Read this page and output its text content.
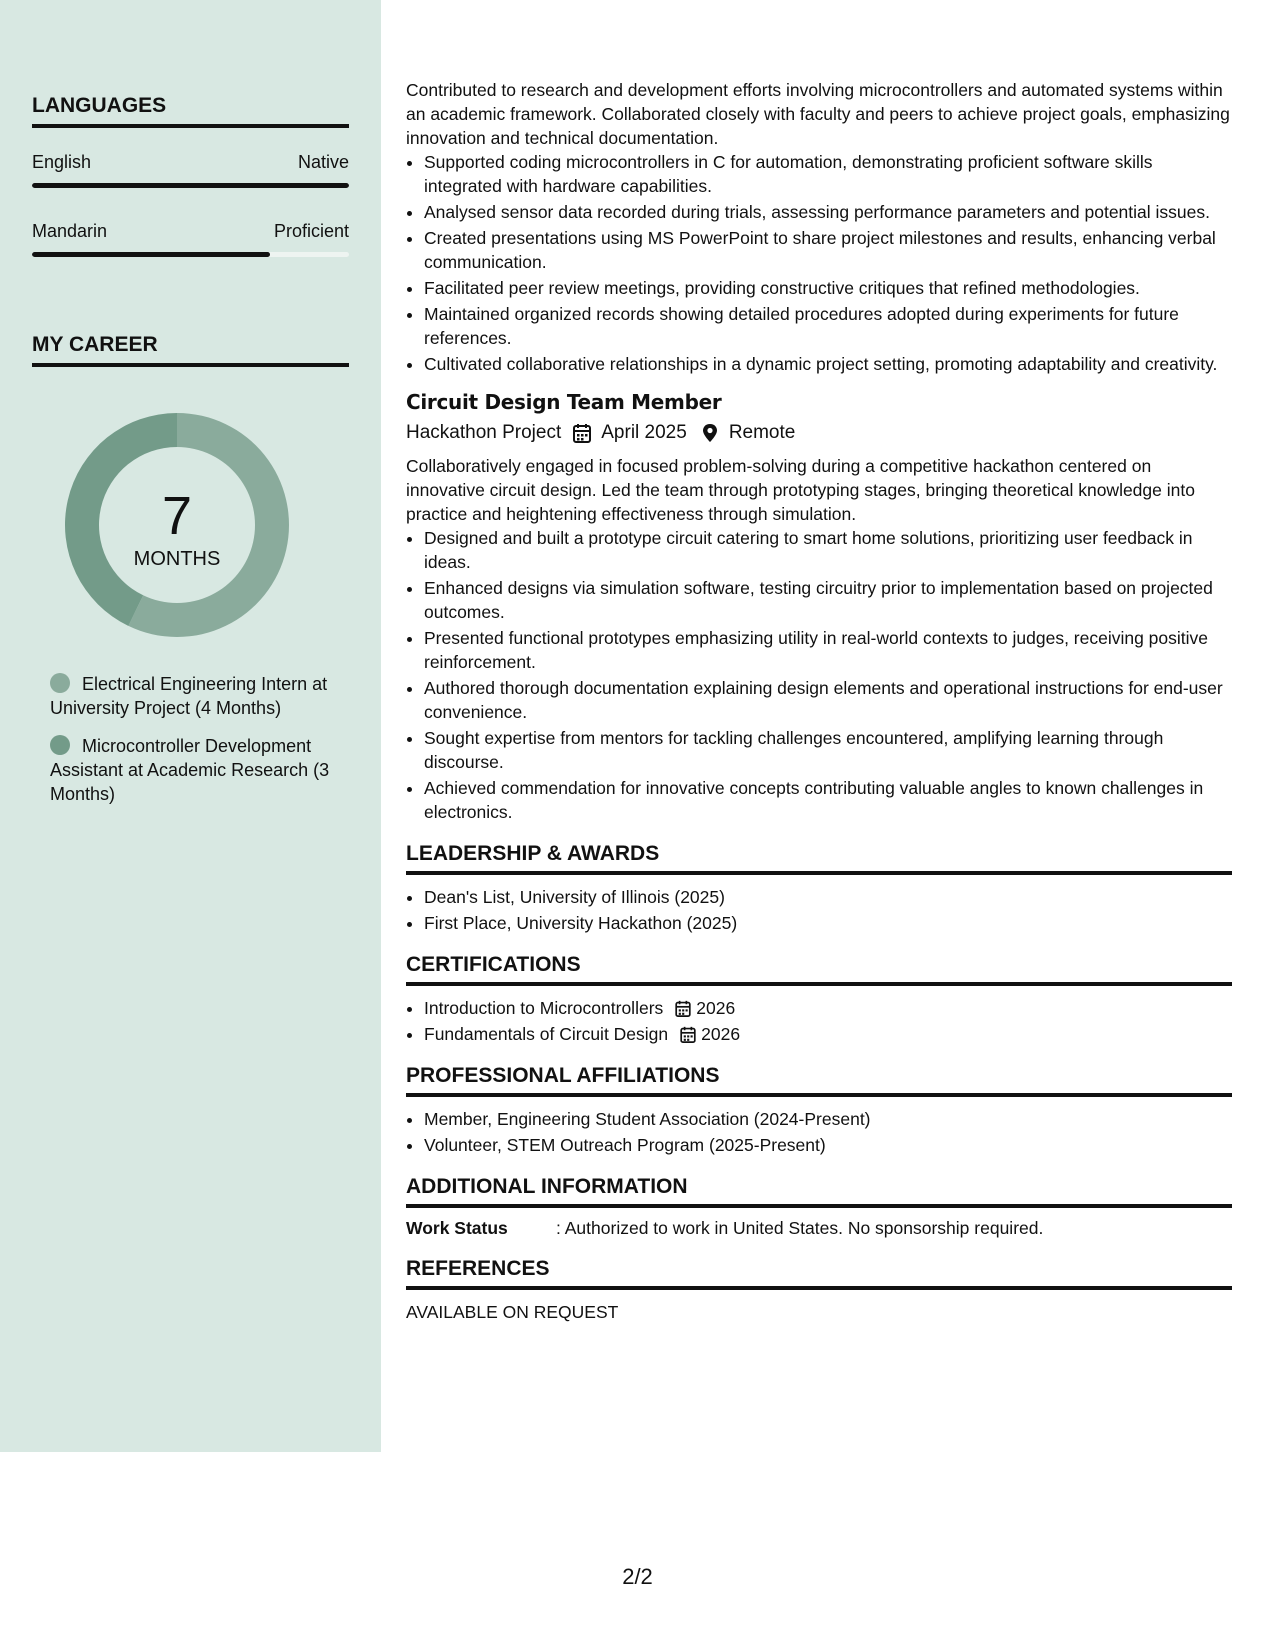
LANGUAGES
English	Native
Mandarin	Proficient
MY CAREER
7
MONTHS
Electrical Engineering Intern at University Project (4 Months)
Microcontroller Development Assistant at Academic Research (3 Months)

Contributed to research and development efforts involving microcontrollers and automated systems within an academic framework. Collaborated closely with faculty and peers to achieve project goals, emphasizing innovation and technical documentation.

• Supported coding microcontrollers in C for automation, demonstrating proficient software skills integrated with hardware capabilities.
• Analysed sensor data recorded during trials, assessing performance parameters and potential issues.
• Created presentations using MS PowerPoint to share project milestones and results, enhancing verbal communication.
• Facilitated peer review meetings, providing constructive critiques that refined methodologies.
• Maintained organized records showing detailed procedures adopted during experiments for future references.
• Cultivated collaborative relationships in a dynamic project setting, promoting adaptability and creativity.
Circuit Design Team Member
Hackathon Project April 2025 Remote

Collaboratively engaged in focused problem-solving during a competitive hackathon centered on innovative circuit design. Led the team through prototyping stages, bringing theoretical knowledge into practice and heightening effectiveness through simulation.

• Designed and built a prototype circuit catering to smart home solutions, prioritizing user feedback in ideas.
• Enhanced designs via simulation software, testing circuitry prior to implementation based on projected outcomes.
• Presented functional prototypes emphasizing utility in real-world contexts to judges, receiving positive reinforcement.
• Authored thorough documentation explaining design elements and operational instructions for end-user convenience.
• Sought expertise from mentors for tackling challenges encountered, amplifying learning through discourse.
• Achieved commendation for innovative concepts contributing valuable angles to known challenges in electronics.
LEADERSHIP & AWARDS
• Dean's List, University of Illinois (2025)
• First Place, University Hackathon (2025)
CERTIFICATIONS
• Introduction to Microcontrollers 2026
• Fundamentals of Circuit Design 2026
PROFESSIONAL AFFILIATIONS
• Member, Engineering Student Association (2024-Present)
• Volunteer, STEM Outreach Program (2025-Present)
ADDITIONAL INFORMATION
Work Status	: Authorized to work in United States. No sponsorship required.
REFERENCES

AVAILABLE ON REQUEST

2/2
